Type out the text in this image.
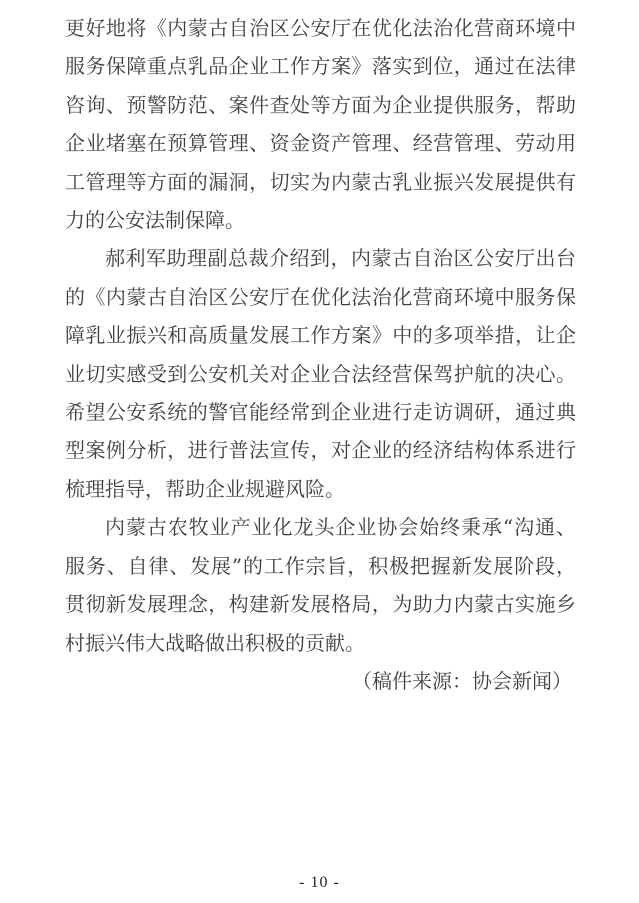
更好地将《内蒙古自治区公安厅在优化法治化营商环境中
服务保障重点乳品企业工作方案》落实到位，通过在法律
咨询、预警防范、案件查处等方面为企业提供服务，帮助
企业堵塞在预算管理、资金资产管理、经营管理、劳动用
工管理等方面的漏洞，切实为内蒙古乳业振兴发展提供有
力的公安法制保障。
郝利军助理副总裁介绍到，内蒙古自治区公安厅出台
的《内蒙古自治区公安厅在优化法治化营商环境中服务保
障乳业振兴和高质量发展工作方案》中的多项举措，让企
业切实感受到公安机关对企业合法经营保驾护航的决心。
希望公安系统的警官能经常到企业进行走访调研，通过典
型案例分析，进行普法宣传，对企业的经济结构体系进行
梳理指导，帮助企业规避风险。
内蒙古农牧业产业化龙头企业协会始终秉承“沟通、
服务、自律、发展”的工作宗旨，积极把握新发展阶段，
贯彻新发展理念，构建新发展格局，为助力内蒙古实施乡
村振兴伟大战略做出积极的贡献。
（稿件来源：协会新闻）
- 10 -
